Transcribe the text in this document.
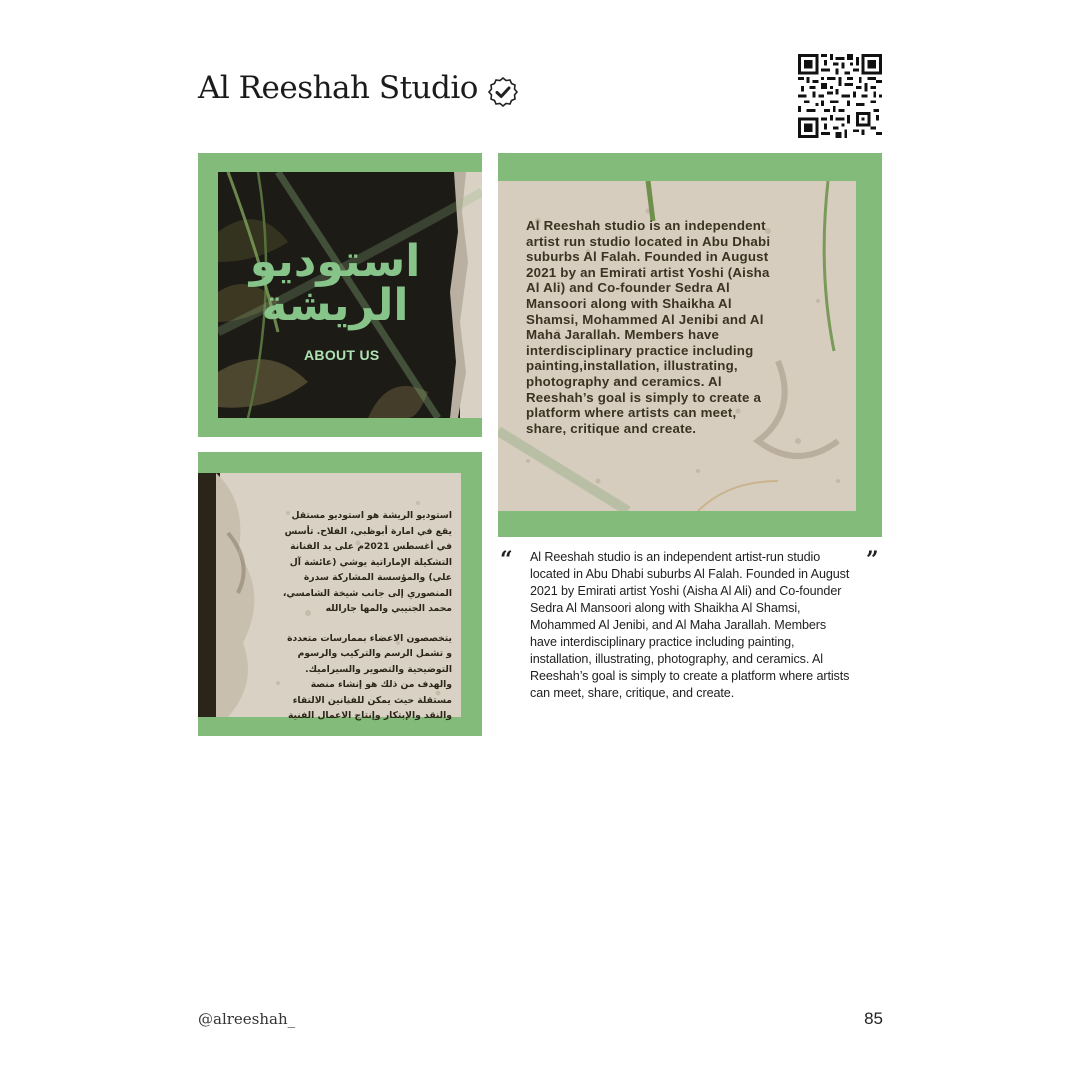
Al Reeshah Studio
استوديو
الريشة
ABOUT US
Al Reeshah studio is an independent artist run studio located in Abu Dhabi suburbs Al Falah. Founded in August 2021 by an Emirati artist Yoshi (Aisha Al Ali) and Co-founder Sedra Al Mansoori along with Shaikha Al Shamsi, Mohammed Al Jenibi and Al Maha Jarallah. Members have interdisciplinary practice including painting,installation, illustrating, photography and ceramics. Al Reeshah’s goal is simply to create a platform where artists can meet, share, critique and create.

استوديو الريشة هو استوديو مستقل يقع في امارة أبوظبي، الفلاح. تأسس في أغسطس 2021م على يد الفنانة التشكيلة الإماراتية يوشي (عائشة آل علي) والمؤسسة المشاركة سدرة المنصوري إلى جانب شيخة الشامسي، محمد الجنيبي والمها جارالله

يتخصصون الاعضاء بممارسات متعددة و تشمل الرسم والتركيب والرسوم التوضيحية والتصوير والسيراميك. والهدف من ذلك هو إنشاء منصة مستقلة حيث يمكن للفنانين الالتقاء والنقد والإبتكار وإنتاج الاعمال الفنية

“ Al Reeshah studio is an independent artist-run studio located in Abu Dhabi suburbs Al Falah. Founded in August 2021 by Emirati artist Yoshi (Aisha Al Ali) and Co-founder Sedra Al Mansoori along with Shaikha Al Shamsi, Mohammed Al Jenibi, and Al Maha Jarallah. Members have interdisciplinary practice including painting, installation, illustrating, photography, and ceramics. Al Reeshah’s goal is simply to create a platform where artists can meet, share, critique, and create.
”
@alreeshah_	85
